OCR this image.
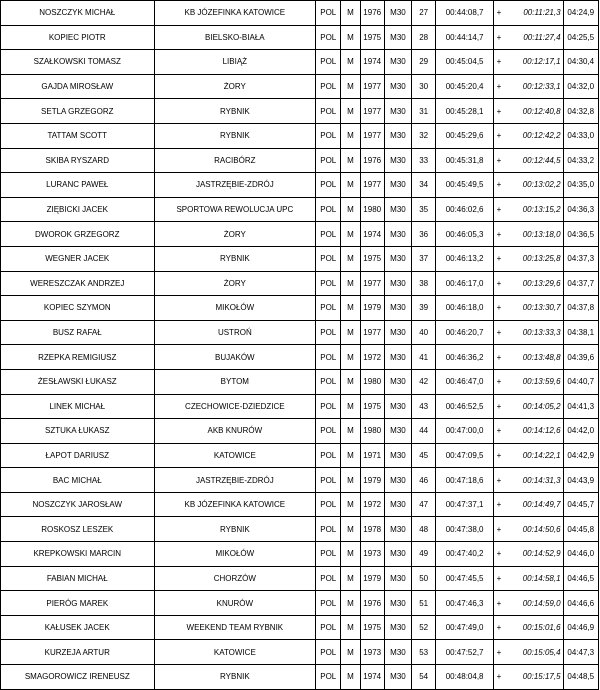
NOSZCZYK MICHAŁ	KB JÓZEFINKA KATOWICE	POL	M	1976	M30	27	00:44:08,7	+	00:11:21,3	04:24,9
KOPIEC PIOTR	BIELSKO-BIAŁA	POL	M	1975	M30	28	00:44:14,7	+	00:11:27,4	04:25,5
SZAŁKOWSKI TOMASZ	LIBIĄŻ	POL	M	1974	M30	29	00:45:04,5	+	00:12:17,1	04:30,4
GAJDA MIROSŁAW	ŻORY	POL	M	1977	M30	30	00:45:20,4	+	00:12:33,1	04:32,0
SETLA GRZEGORZ	RYBNIK	POL	M	1977	M30	31	00:45:28,1	+	00:12:40,8	04:32,8
TATTAM SCOTT	RYBNIK	POL	M	1977	M30	32	00:45:29,6	+	00:12:42,2	04:33,0
SKIBA RYSZARD	RACIBÓRZ	POL	M	1976	M30	33	00:45:31,8	+	00:12:44,5	04:33,2
LURANC PAWEŁ	JASTRZĘBIE-ZDRÓJ	POL	M	1977	M30	34	00:45:49,5	+	00:13:02,2	04:35,0
ZIĘBICKI JACEK	SPORTOWA REWOLUCJA UPC	POL	M	1980	M30	35	00:46:02,6	+	00:13:15,2	04:36,3
DWOROK GRZEGORZ	ŻORY	POL	M	1974	M30	36	00:46:05,3	+	00:13:18,0	04:36,5
WEGNER JACEK	RYBNIK	POL	M	1975	M30	37	00:46:13,2	+	00:13:25,8	04:37,3
WERESZCZAK ANDRZEJ	ŻORY	POL	M	1977	M30	38	00:46:17,0	+	00:13:29,6	04:37,7
KOPIEC SZYMON	MIKOŁÓW	POL	M	1979	M30	39	00:46:18,0	+	00:13:30,7	04:37,8
BUSZ RAFAŁ	USTROŃ	POL	M	1977	M30	40	00:46:20,7	+	00:13:33,3	04:38,1
RZEPKA REMIGIUSZ	BUJAKÓW	POL	M	1972	M30	41	00:46:36,2	+	00:13:48,8	04:39,6
ŻESŁAWSKI ŁUKASZ	BYTOM	POL	M	1980	M30	42	00:46:47,0	+	00:13:59,6	04:40,7
LINEK MICHAŁ	CZECHOWICE-DZIEDZICE	POL	M	1975	M30	43	00:46:52,5	+	00:14:05,2	04:41,3
SZTUKA ŁUKASZ	AKB KNURÓW	POL	M	1980	M30	44	00:47:00,0	+	00:14:12,6	04:42,0
ŁAPOT DARIUSZ	KATOWICE	POL	M	1971	M30	45	00:47:09,5	+	00:14:22,1	04:42,9
BAC MICHAŁ	JASTRZĘBIE-ZDRÓJ	POL	M	1979	M30	46	00:47:18,6	+	00:14:31,3	04:43,9
NOSZCZYK JAROSŁAW	KB JÓZEFINKA KATOWICE	POL	M	1972	M30	47	00:47:37,1	+	00:14:49,7	04:45,7
ROSKOSZ LESZEK	RYBNIK	POL	M	1978	M30	48	00:47:38,0	+	00:14:50,6	04:45,8
KREPKOWSKI MARCIN	MIKOŁÓW	POL	M	1973	M30	49	00:47:40,2	+	00:14:52,9	04:46,0
FABIAN MICHAŁ	CHORZÓW	POL	M	1979	M30	50	00:47:45,5	+	00:14:58,1	04:46,5
PIERÓG MAREK	KNURÓW	POL	M	1976	M30	51	00:47:46,3	+	00:14:59,0	04:46,6
KAŁUSEK JACEK	WEEKEND TEAM RYBNIK	POL	M	1975	M30	52	00:47:49,0	+	00:15:01,6	04:46,9
KURZEJA ARTUR	KATOWICE	POL	M	1973	M30	53	00:47:52,7	+	00:15:05,4	04:47,3
SMAGOROWICZ IRENEUSZ	RYBNIK	POL	M	1974	M30	54	00:48:04,8	+	00:15:17,5	04:48,5
